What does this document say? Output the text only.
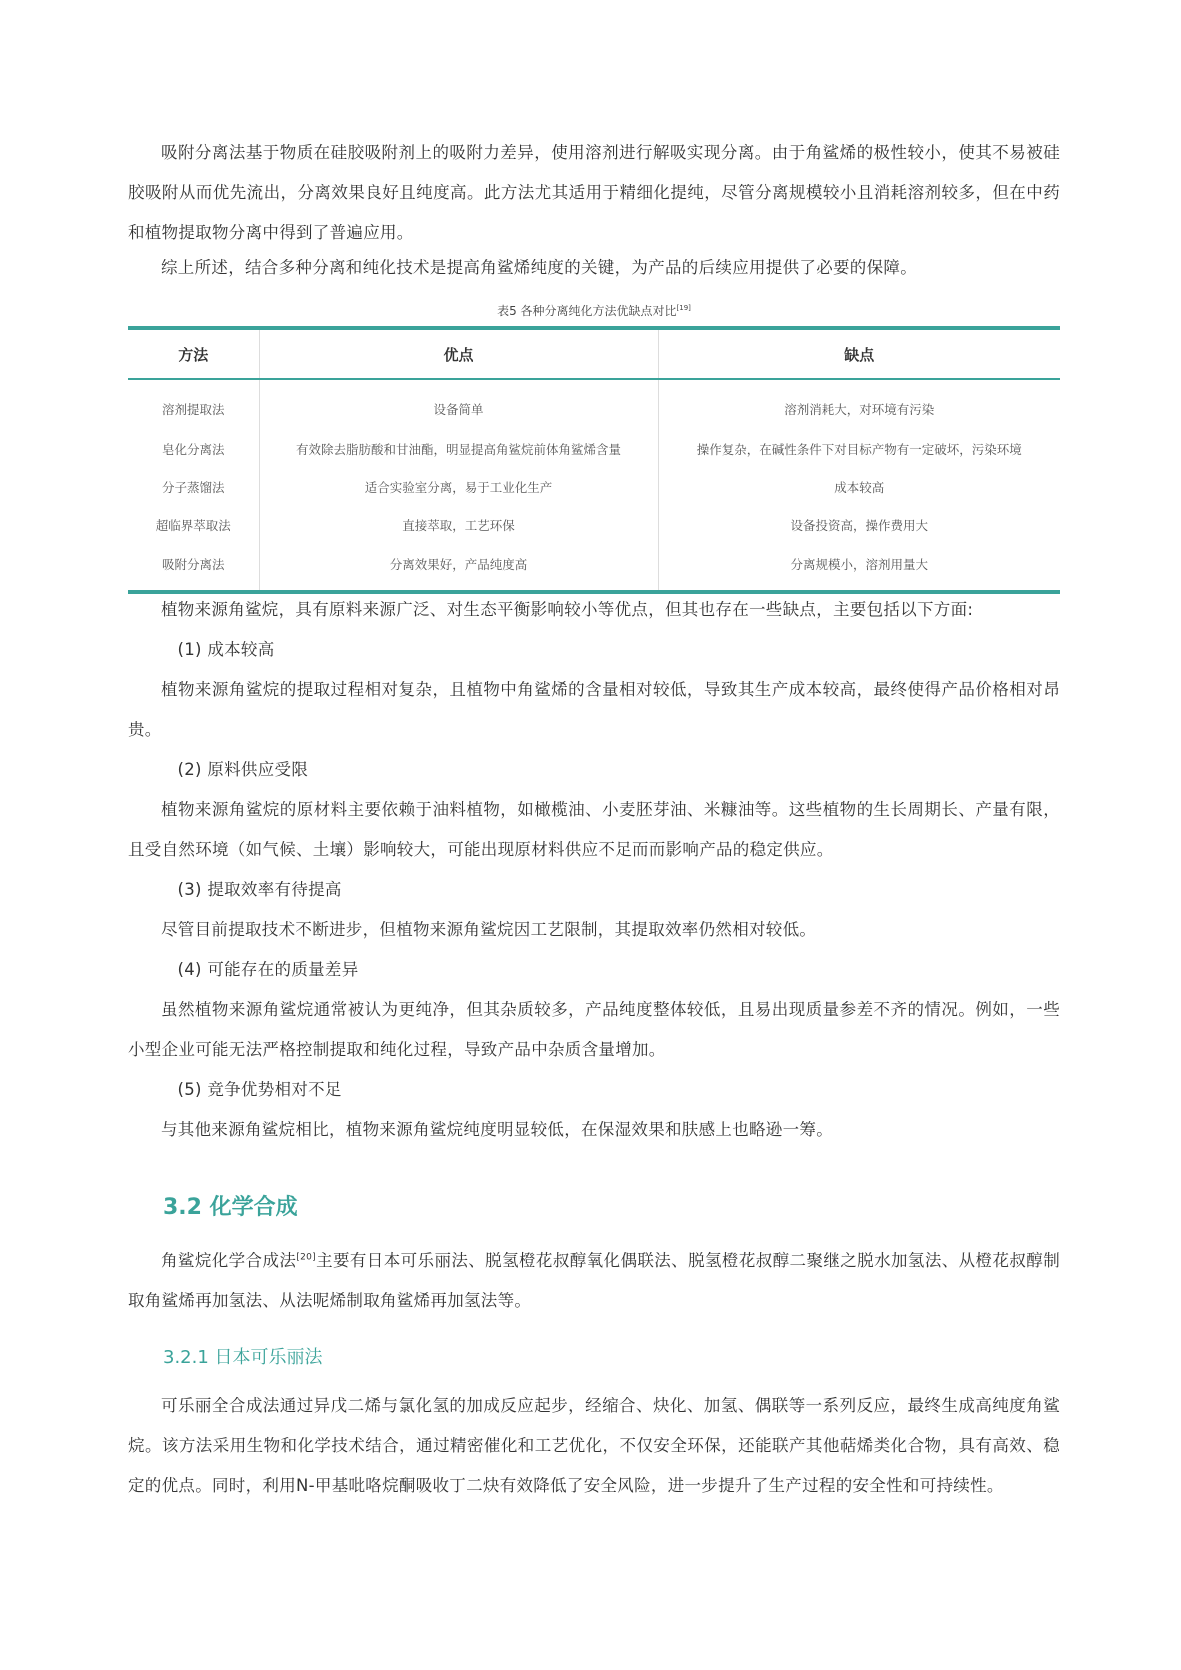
吸附分离法基于物质在硅胶吸附剂上的吸附力差异，使用溶剂进行解吸实现分离。由于角鲨烯的极性较小，使其不易被硅胶吸附从而优先流出，分离效果良好且纯度高。此方法尤其适用于精细化提纯，尽管分离规模较小且消耗溶剂较多，但在中药和植物提取物分离中得到了普遍应用。

综上所述，结合多种分离和纯化技术是提高角鲨烯纯度的关键，为产品的后续应用提供了必要的保障。

表5 各种分离纯化方法优缺点对比[19]
方法	优点	缺点
溶剂提取法	设备简单	溶剂消耗大，对环境有污染
皂化分离法	有效除去脂肪酸和甘油酯，明显提高角鲨烷前体角鲨烯含量	操作复杂，在碱性条件下对目标产物有一定破坏，污染环境
分子蒸馏法	适合实验室分离，易于工业化生产	成本较高
超临界萃取法	直接萃取，工艺环保	设备投资高，操作费用大
吸附分离法	分离效果好，产品纯度高	分离规模小，溶剂用量大

植物来源角鲨烷，具有原料来源广泛、对生态平衡影响较小等优点，但其也存在一些缺点，主要包括以下方面:

(1) 成本较高

植物来源角鲨烷的提取过程相对复杂，且植物中角鲨烯的含量相对较低，导致其生产成本较高，最终使得产品价格相对昂贵。

(2) 原料供应受限

植物来源角鲨烷的原材料主要依赖于油料植物，如橄榄油、小麦胚芽油、米糠油等。这些植物的生长周期长、产量有限，且受自然环境（如气候、土壤）影响较大，可能出现原材料供应不足而而影响产品的稳定供应。

(3) 提取效率有待提高

尽管目前提取技术不断进步，但植物来源角鲨烷因工艺限制，其提取效率仍然相对较低。

(4) 可能存在的质量差异

虽然植物来源角鲨烷通常被认为更纯净，但其杂质较多，产品纯度整体较低，且易出现质量参差不齐的情况。例如，一些小型企业可能无法严格控制提取和纯化过程，导致产品中杂质含量增加。

(5) 竞争优势相对不足

与其他来源角鲨烷相比，植物来源角鲨烷纯度明显较低，在保湿效果和肤感上也略逊一筹。

3.2 化学合成

角鲨烷化学合成法[20]主要有日本可乐丽法、脱氢橙花叔醇氧化偶联法、脱氢橙花叔醇二聚继之脱水加氢法、从橙花叔醇制取角鲨烯再加氢法、从法呢烯制取角鲨烯再加氢法等。

3.2.1 日本可乐丽法

可乐丽全合成法通过异戊二烯与氯化氢的加成反应起步，经缩合、炔化、加氢、偶联等一系列反应，最终生成高纯度角鲨烷。该方法采用生物和化学技术结合，通过精密催化和工艺优化，不仅安全环保，还能联产其他萜烯类化合物，具有高效、稳定的优点。同时，利用N-甲基吡咯烷酮吸收丁二炔有效降低了安全风险，进一步提升了生产过程的安全性和可持续性。
